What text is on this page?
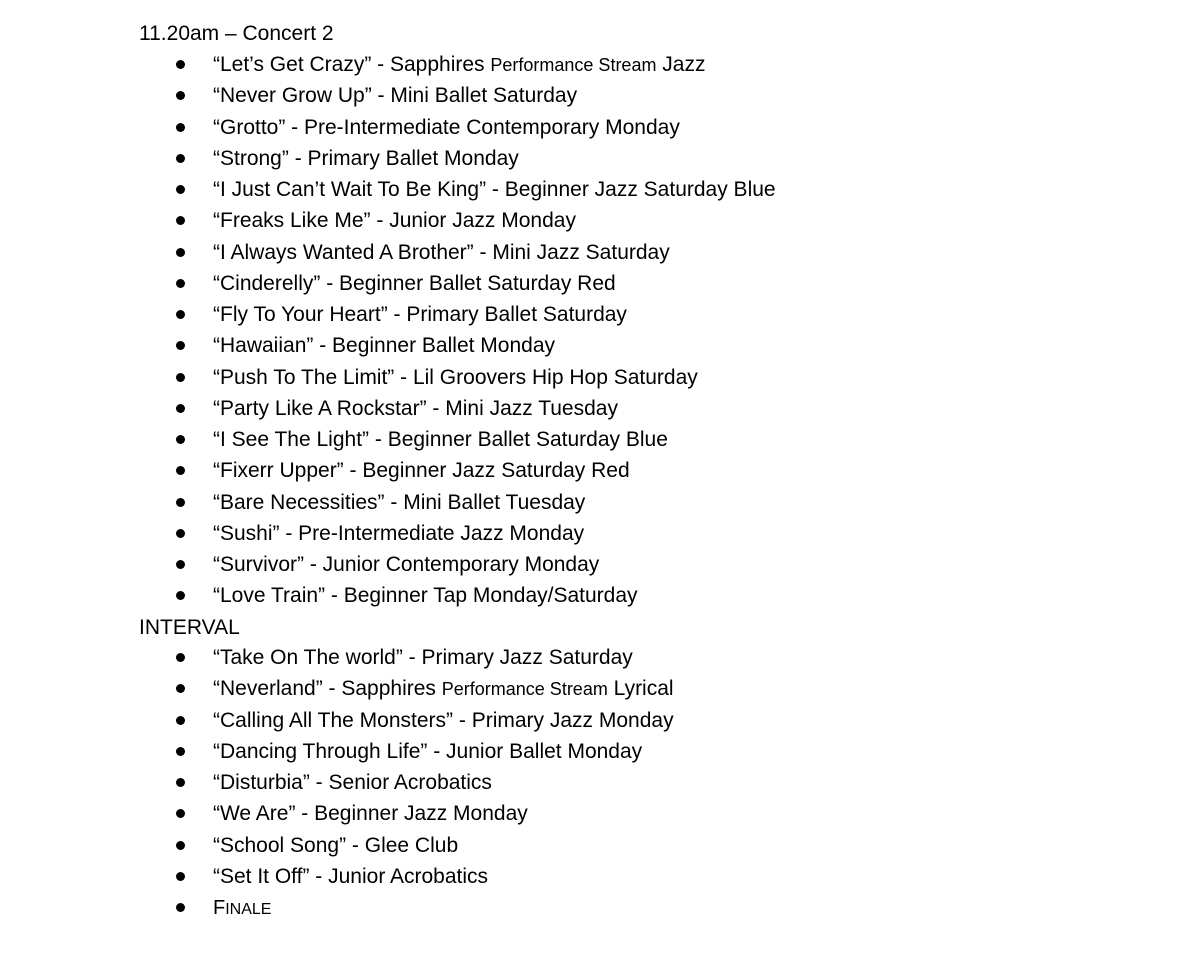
11.20am – Concert 2
“Let’s Get Crazy” - Sapphires Performance Stream Jazz
“Never Grow Up” - Mini Ballet Saturday
“Grotto” - Pre-Intermediate Contemporary Monday
“Strong” - Primary Ballet Monday
“I Just Can’t Wait To Be King” - Beginner Jazz Saturday Blue
“Freaks Like Me” - Junior Jazz Monday
“I Always Wanted A Brother” - Mini Jazz Saturday
“Cinderelly” - Beginner Ballet Saturday Red
“Fly To Your Heart” - Primary Ballet Saturday
“Hawaiian” - Beginner Ballet Monday
“Push To The Limit” - Lil Groovers Hip Hop Saturday
“Party Like A Rockstar” - Mini Jazz Tuesday
“I See The Light” - Beginner Ballet Saturday Blue
“Fixerr Upper” - Beginner Jazz Saturday Red
“Bare Necessities” - Mini Ballet Tuesday
“Sushi” - Pre-Intermediate Jazz Monday
“Survivor” - Junior Contemporary Monday
“Love Train” - Beginner Tap Monday/Saturday
INTERVAL
“Take On The world” - Primary Jazz Saturday
“Neverland” - Sapphires Performance Stream Lyrical
“Calling All The Monsters” - Primary Jazz Monday
“Dancing Through Life” - Junior Ballet Monday
“Disturbia” - Senior Acrobatics
“We Are” - Beginner Jazz Monday
“School Song” - Glee Club
“Set It Off” - Junior Acrobatics
FINALE
